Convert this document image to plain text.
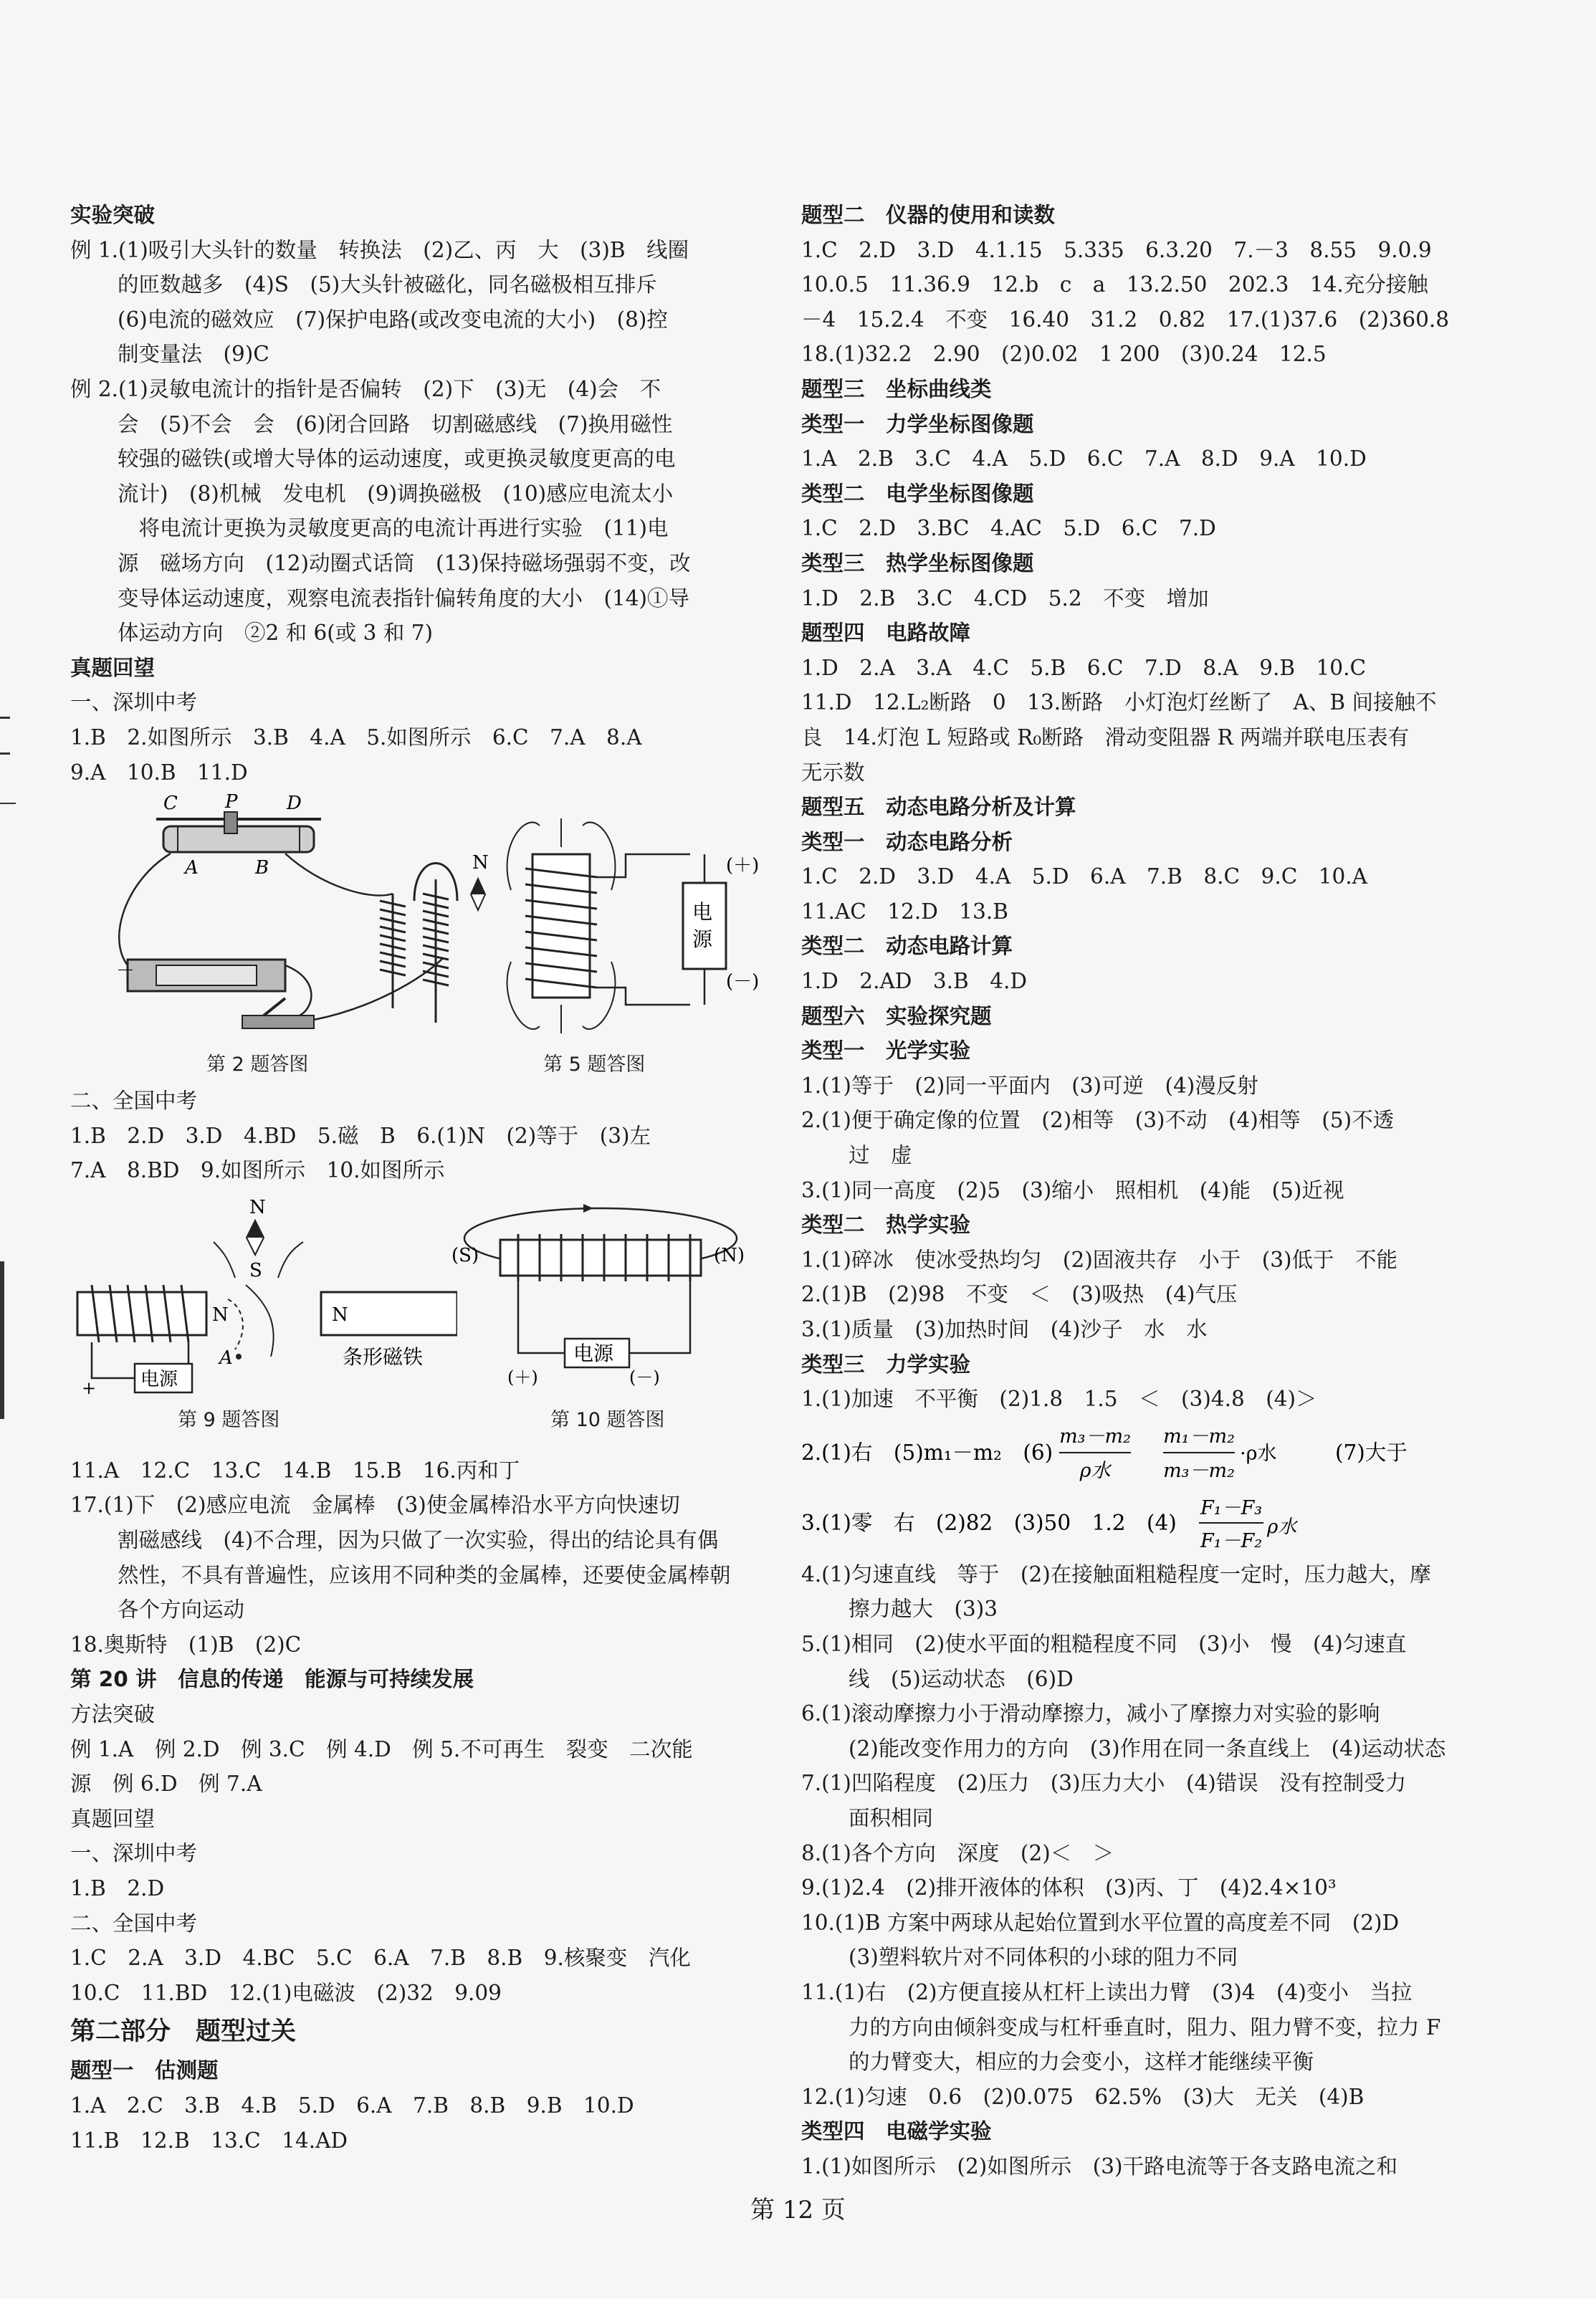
实验突破
例 1.(1)吸引大头针的数量　转换法　(2)乙、丙　大　(3)B　线圈
的匝数越多　(4)S　(5)大头针被磁化，同名磁极相互排斥
(6)电流的磁效应　(7)保护电路(或改变电流的大小)　(8)控
制变量法　(9)C
例 2.(1)灵敏电流计的指针是否偏转　(2)下　(3)无　(4)会　不
会　(5)不会　会　(6)闭合回路　切割磁感线　(7)换用磁性
较强的磁铁(或增大导体的运动速度，或更换灵敏度更高的电
流计)　(8)机械　发电机　(9)调换磁极　(10)感应电流太小
　将电流计更换为灵敏度更高的电流计再进行实验　(11)电
源　磁场方向　(12)动圈式话筒　(13)保持磁场强弱不变，改
变导体运动速度，观察电流表指针偏转角度的大小　(14)①导
体运动方向　②2 和 6(或 3 和 7)
真题回望
一、深圳中考
1.B　2.如图所示　3.B　4.A　5.如图所示　6.C　7.A　8.A
9.A　10.B　11.D
C	P	D
A	B
－
第 2 题答图
N
电
源
(＋)
(－)
第 5 题答图
二、全国中考
1.B　2.D　3.D　4.BD　5.磁　B　6.(1)N　(2)等于　(3)左
7.A　8.BD　9.如图所示　10.如图所示
N
S
N
电源
+
A
N
条形磁铁
第 9 题答图
(S)	(N)
电源
(＋)	(－)
第 10 题答图
11.A　12.C　13.C　14.B　15.B　16.丙和丁
17.(1)下　(2)感应电流　金属棒　(3)使金属棒沿水平方向快速切
割磁感线　(4)不合理，因为只做了一次实验，得出的结论具有偶
然性，不具有普遍性，应该用不同种类的金属棒，还要使金属棒朝
各个方向运动
18.奥斯特　(1)B　(2)C
第 20 讲　信息的传递　能源与可持续发展
方法突破
例 1.A　例 2.D　例 3.C　例 4.D　例 5.不可再生　裂变　二次能
源　例 6.D　例 7.A
真题回望
一、深圳中考
1.B　2.D
二、全国中考
1.C　2.A　3.D　4.BC　5.C　6.A　7.B　8.B　9.核聚变　汽化
10.C　11.BD　12.(1)电磁波　(2)32　9.09
第二部分　题型过关
题型一　估测题
1.A　2.C　3.B　4.B　5.D　6.A　7.B　8.B　9.B　10.D
11.B　12.B　13.C　14.AD
题型二　仪器的使用和读数
1.C　2.D　3.D　4.1.15　5.335　6.3.20　7.－3　8.55　9.0.9
10.0.5　11.36.9　12.b　c　a　13.2.50　202.3　14.充分接触
－4　15.2.4　不变　16.40　31.2　0.82　17.(1)37.6　(2)360.8
18.(1)32.2　2.90　(2)0.02　1 200　(3)0.24　12.5
题型三　坐标曲线类
类型一　力学坐标图像题
1.A　2.B　3.C　4.A　5.D　6.C　7.A　8.D　9.A　10.D
类型二　电学坐标图像题
1.C　2.D　3.BC　4.AC　5.D　6.C　7.D
类型三　热学坐标图像题
1.D　2.B　3.C　4.CD　5.2　不变　增加
题型四　电路故障
1.D　2.A　3.A　4.C　5.B　6.C　7.D　8.A　9.B　10.C
11.D　12.L₂断路　0　13.断路　小灯泡灯丝断了　A、B 间接触不
良　14.灯泡 L 短路或 R₀断路　滑动变阻器 R 两端并联电压表有
无示数
题型五　动态电路分析及计算
类型一　动态电路分析
1.C　2.D　3.D　4.A　5.D　6.A　7.B　8.C　9.C　10.A
11.AC　12.D　13.B
类型二　动态电路计算
1.D　2.AD　3.B　4.D
题型六　实验探究题
类型一　光学实验
1.(1)等于　(2)同一平面内　(3)可逆　(4)漫反射
2.(1)便于确定像的位置　(2)相等　(3)不动　(4)相等　(5)不透
过　虚
3.(1)同一高度　(2)5　(3)缩小　照相机　(4)能　(5)近视
类型二　热学实验
1.(1)碎冰　使冰受热均匀　(2)固液共存　小于　(3)低于　不能
2.(1)B　(2)98　不变　＜　(3)吸热　(4)气压
3.(1)质量　(3)加热时间　(4)沙子　水　水
类型三　力学实验
1.(1)加速　不平衡　(2)1.8　1.5　＜　(3)4.8　(4)＞
2.(1)右　(5)m₁－m₂　(6)
m₃－m₂
ρ水
m₁－m₂
m₃－m₂
·ρ水	(7)大于
3.(1)零　右　(2)82　(3)50　1.2　(4)
F₁－F₃
F₁－F₂
ρ水
4.(1)匀速直线　等于　(2)在接触面粗糙程度一定时，压力越大，摩
擦力越大　(3)3
5.(1)相同　(2)使水平面的粗糙程度不同　(3)小　慢　(4)匀速直
线　(5)运动状态　(6)D
6.(1)滚动摩擦力小于滑动摩擦力，减小了摩擦力对实验的影响
(2)能改变作用力的方向　(3)作用在同一条直线上　(4)运动状态
7.(1)凹陷程度　(2)压力　(3)压力大小　(4)错误　没有控制受力
面积相同
8.(1)各个方向　深度　(2)＜　＞
9.(1)2.4　(2)排开液体的体积　(3)丙、丁　(4)2.4×10³
10.(1)B 方案中两球从起始位置到水平位置的高度差不同　(2)D
(3)塑料软片对不同体积的小球的阻力不同
11.(1)右　(2)方便直接从杠杆上读出力臂　(3)4　(4)变小　当拉
力的方向由倾斜变成与杠杆垂直时，阻力、阻力臂不变，拉力 F
的力臂变大，相应的力会变小，这样才能继续平衡
12.(1)匀速　0.6　(2)0.075　62.5%　(3)大　无关　(4)B
类型四　电磁学实验
1.(1)如图所示　(2)如图所示　(3)干路电流等于各支路电流之和
第 12 页
